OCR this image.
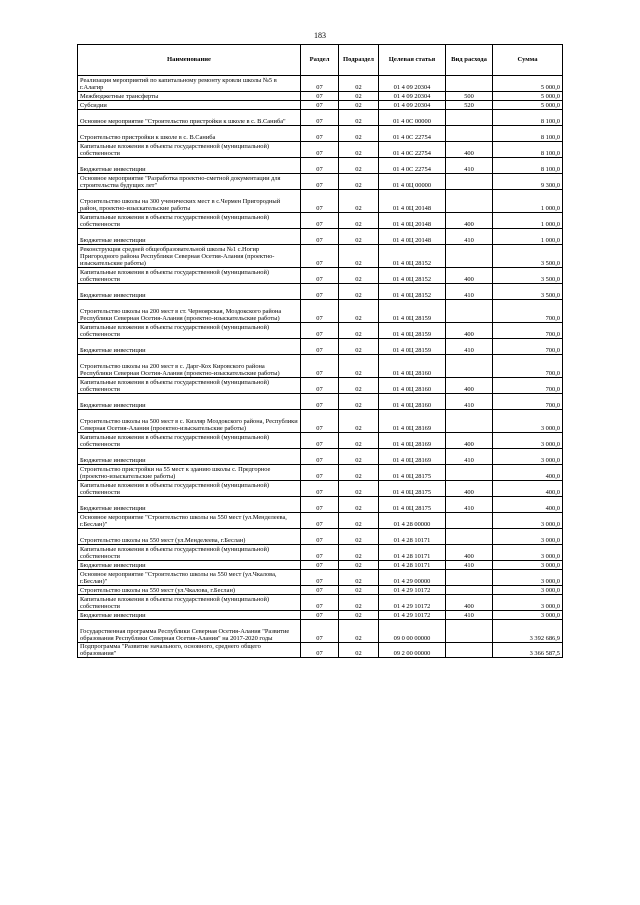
183
Наименование	Раздел	Подраздел	Целевая статья	Вид расхода	Сумма
Реализация мероприятий по капитальному ремонту кровли школы №5 в г.Алагир	07	02	01 4 09 20304		5 000,0
Межбюджетные трансферты	07	02	01 4 09 20304	500	5 000,0
Субсидии	07	02	01 4 09 20304	520	5 000,0
Основное мероприятие "Строительство пристройки к школе в с. В.Саниба"	07	02	01 4 0С 00000		8 100,0
Строительство пристройки к школе в с. В.Саниба	07	02	01 4 0С 22754		8 100,0
Капитальные вложения в объекты государственной (муниципальной) собственности	07	02	01 4 0С 22754	400	8 100,0
Бюджетные инвестиции	07	02	01 4 0С 22754	410	8 100,0
Основное мероприятие "Разработка проектно-сметной документации для строительства будущих лет"	07	02	01 4 0Ц 00000		9 300,0
Строительство школы на 300 ученических мест в с.Чермен Пригородный район, проектно-изыскательские работы	07	02	01 4 0Ц 20148		1 000,0
Капитальные вложения в объекты государственной (муниципальной) собственности	07	02	01 4 0Ц 20148	400	1 000,0
Бюджетные инвестиции	07	02	01 4 0Ц 20148	410	1 000,0
Реконструкция средней общеобразовательной школы №1 с.Ногир Пригородного района Республики Северная Осетия-Алания (проектно-изыскательские работы)	07	02	01 4 0Ц 28152		3 500,0
Капитальные вложения в объекты государственной (муниципальной) собственности	07	02	01 4 0Ц 28152	400	3 500,0
Бюджетные инвестиции	07	02	01 4 0Ц 28152	410	3 500,0
Строительство школы на 200 мест в ст. Черноярская, Моздокского района Республики Северная Осетия-Алания (проектно-изыскательские работы)	07	02	01 4 0Ц 28159		700,0
Капитальные вложения в объекты государственной (муниципальной) собственности	07	02	01 4 0Ц 28159	400	700,0
Бюджетные инвестиции	07	02	01 4 0Ц 28159	410	700,0
Строительство школы на 200 мест в с. Дарг-Кох Кировского района Республики Северная Осетия-Алания (проектно-изыскательские работы)	07	02	01 4 0Ц 28160		700,0
Капитальные вложения в объекты государственной (муниципальной) собственности	07	02	01 4 0Ц 28160	400	700,0
Бюджетные инвестиции	07	02	01 4 0Ц 28160	410	700,0
Строительство школы на 500 мест в с. Кизляр Моздокского района, Республики Северная Осетия-Алания (проектно-изыскательские работы)	07	02	01 4 0Ц 28169		3 000,0
Капитальные вложения в объекты государственной (муниципальной) собственности	07	02	01 4 0Ц 28169	400	3 000,0
Бюджетные инвестиции	07	02	01 4 0Ц 28169	410	3 000,0
Строительство пристройки на 55 мест к зданию школы с. Предгорное (проектно-изыскательские работы)	07	02	01 4 0Ц 28175		400,0
Капитальные вложения в объекты государственной (муниципальной) собственности	07	02	01 4 0Ц 28175	400	400,0
Бюджетные инвестиции	07	02	01 4 0Ц 28175	410	400,0
Основное мероприятие "Строительство школы на 550 мест (ул.Менделеева, г.Беслан)"	07	02	01 4 28 00000		3 000,0
Строительство школы на 550 мест (ул.Менделеева, г.Беслан)	07	02	01 4 28 10171		3 000,0
Капитальные вложения в объекты государственной (муниципальной) собственности	07	02	01 4 28 10171	400	3 000,0
Бюджетные инвестиции	07	02	01 4 28 10171	410	3 000,0
Основное мероприятие "Строительство школы на 550 мест (ул.Чкалова, г.Беслан)"	07	02	01 4 29 00000		3 000,0
Строительство школы на 550 мест (ул.Чкалова, г.Беслан)	07	02	01 4 29 10172		3 000,0
Капитальные вложения в объекты государственной (муниципальной) собственности	07	02	01 4 29 10172	400	3 000,0
Бюджетные инвестиции	07	02	01 4 29 10172	410	3 000,0
Государственная программа Республики Северная Осетия-Алания "Развитие образования Республики Северная Осетия-Алания" на 2017-2020 годы	07	02	09 0 00 00000		3 392 686,9
Подпрограмма "Развитие начального, основного, среднего общего образования"	07	02	09 2 00 00000		3 366 587,5
